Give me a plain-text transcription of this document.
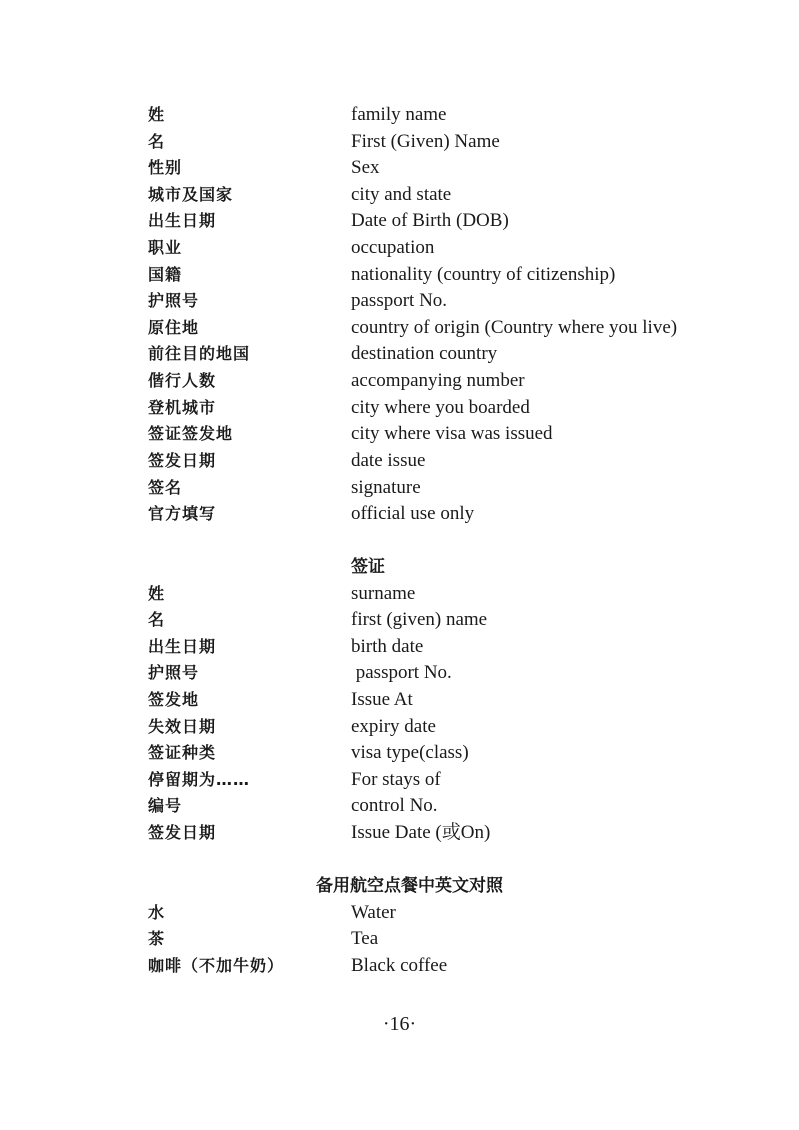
姓	family name
名	First (Given) Name
性别	Sex
城市及国家	city and state
出生日期	Date of Birth (DOB)
职业	occupation
国籍	nationality (country of citizenship)
护照号	passport No.
原住地	country of origin (Country where you live)
前往目的地国	destination country
偕行人数	accompanying number
登机城市	city where you boarded
签证签发地	city where visa was issued
签发日期	date issue
签名	signature
官方填写	official use only
签证
姓	surname
名	first (given) name
出生日期	birth date
护照号	passport No.
签发地	Issue At
失效日期	expiry date
签证种类	visa type(class)
停留期为……	For stays of
编号	control No.
签发日期	Issue Date (或On)
备用航空点餐中英文对照
水	Water
茶	Tea
咖啡（不加牛奶）	Black coffee
·16·
